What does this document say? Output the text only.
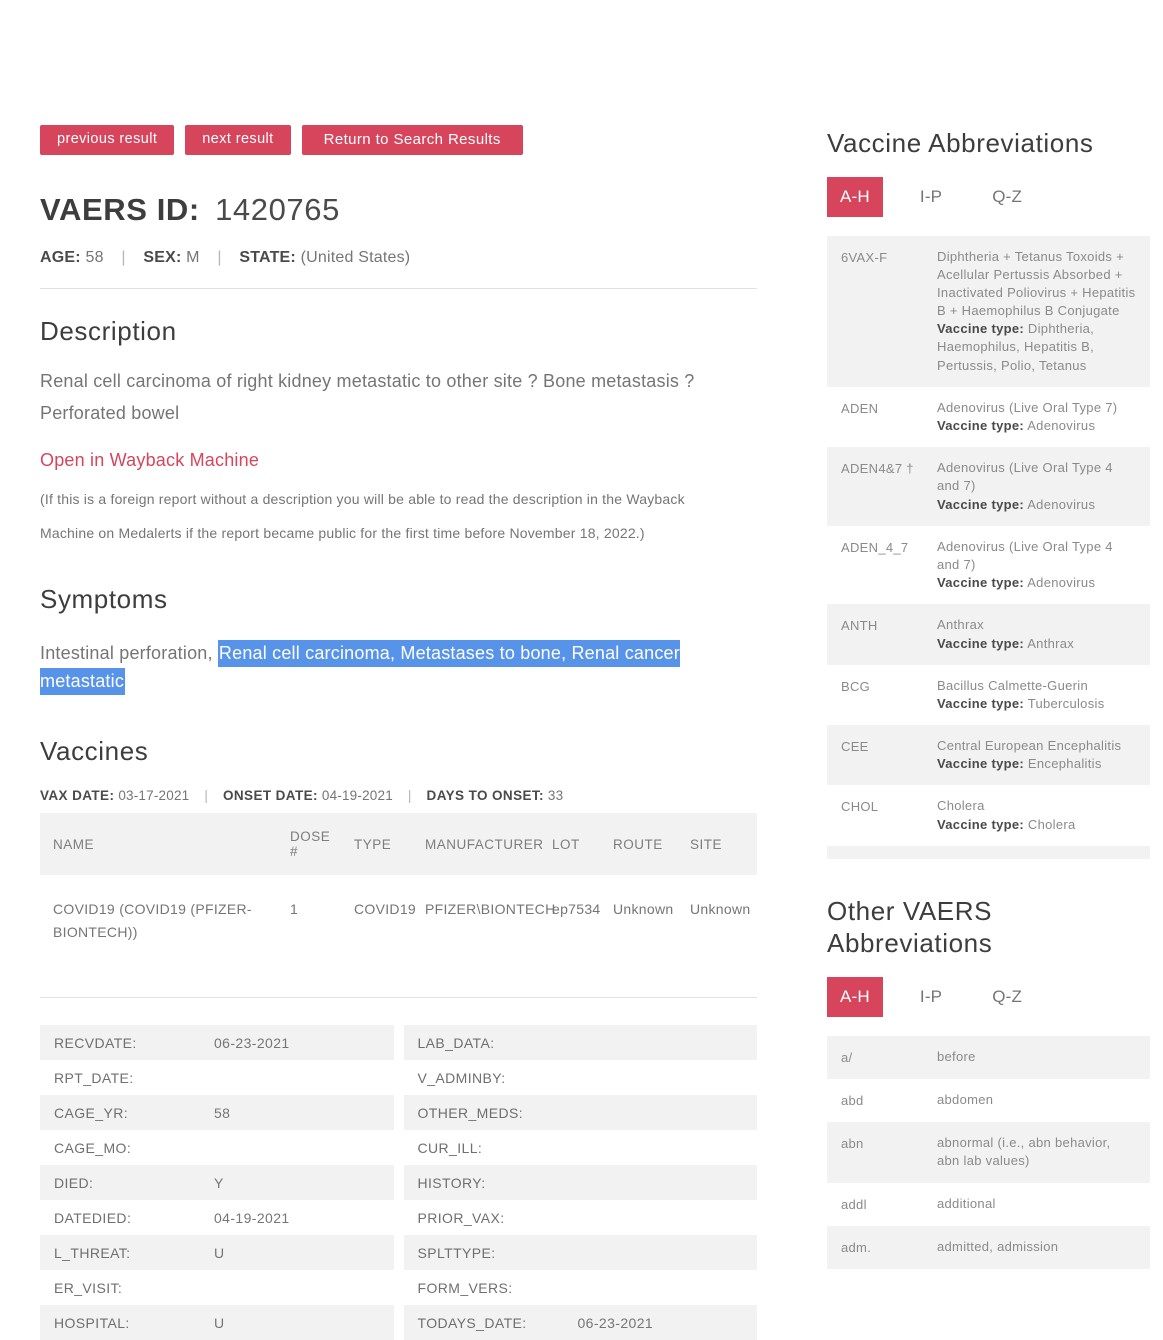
previous result	next result	Return to Search Results
VAERS ID: 1420765
AGE: 58 | SEX: M | STATE: (United States)
Description

Renal cell carcinoma of right kidney metastatic to other site ? Bone metastasis ? Perforated bowel

Open in Wayback Machine

(If this is a foreign report without a description you will be able to read the description in the Wayback Machine on Medalerts if the report became public for the first time before November 18, 2022.)

Symptoms

Intestinal perforation, Renal cell carcinoma, Metastases to bone, Renal cancer metastatic

Vaccines
VAX DATE: 03-17-2021 | ONSET DATE: 04-19-2021 | DAYS TO ONSET: 33
NAME	DOSE #	TYPE	MANUFACTURER	LOT	ROUTE	SITE
COVID19 (COVID19 (PFIZER-BIONTECH))	1	COVID19	PFIZER\BIONTECH	ep7534	Unknown	Unknown
RECVDATE:	06-23-2021
RPT_DATE:
CAGE_YR:	58
CAGE_MO:
DIED:	Y
DATEDIED:	04-19-2021
L_THREAT:	U
ER_VISIT:
HOSPITAL:	U
LAB_DATA:
V_ADMINBY:
OTHER_MEDS:
CUR_ILL:
HISTORY:
PRIOR_VAX:
SPLTTYPE:
FORM_VERS:
TODAYS_DATE:	06-23-2021
Vaccine Abbreviations
A-H	I-P	Q-Z
6VAX-F	Diphtheria + Tetanus Toxoids + Acellular Pertussis Absorbed + Inactivated Poliovirus + Hepatitis B + Haemophilus B Conjugate
Vaccine type: Diphtheria, Haemophilus, Hepatitis B, Pertussis, Polio, Tetanus
ADEN	Adenovirus (Live Oral Type 7)
Vaccine type: Adenovirus
ADEN4&7 †	Adenovirus (Live Oral Type 4 and 7)
Vaccine type: Adenovirus
ADEN_4_7	Adenovirus (Live Oral Type 4 and 7)
Vaccine type: Adenovirus
ANTH	Anthrax
Vaccine type: Anthrax
BCG	Bacillus Calmette-Guerin
Vaccine type: Tuberculosis
CEE	Central European Encephalitis
Vaccine type: Encephalitis
CHOL	Cholera
Vaccine type: Cholera
Other VAERS Abbreviations
A-H	I-P	Q-Z
a/	before
abd	abdomen
abn	abnormal (i.e., abn behavior, abn lab values)
addl	additional
adm.	admitted, admission
